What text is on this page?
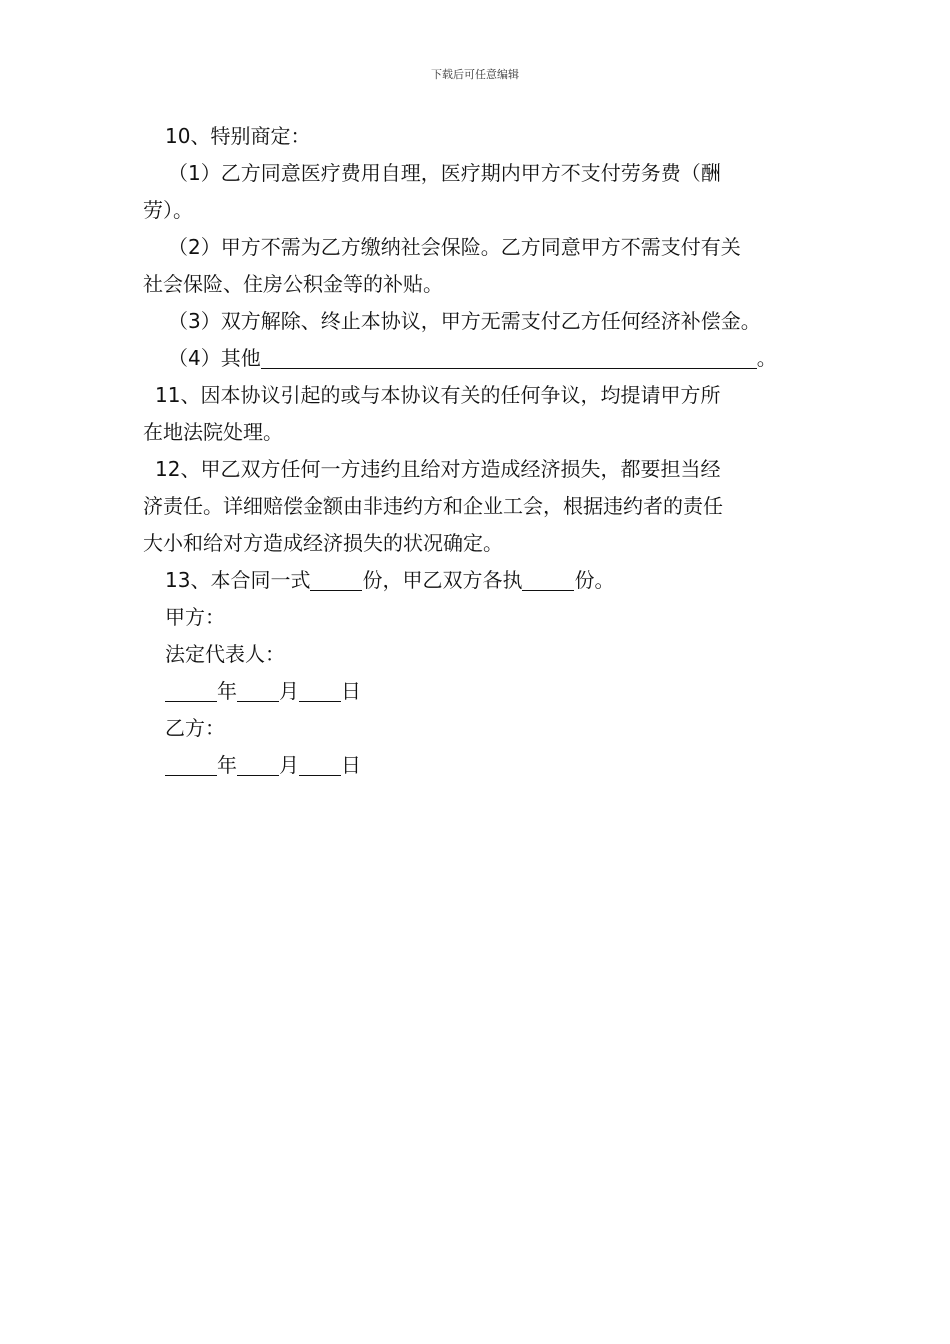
下载后可任意编辑
10、特别商定：
（1）乙方同意医疗费用自理，医疗期内甲方不支付劳务费（酬
劳）。
（2）甲方不需为乙方缴纳社会保险。乙方同意甲方不需支付有关
社会保险、住房公积金等的补贴。
（3）双方解除、终止本协议，甲方无需支付乙方任何经济补偿金。
（4）其他	。
11、因本协议引起的或与本协议有关的任何争议，均提请甲方所
在地法院处理。
12、甲乙双方任何一方违约且给对方造成经济损失，都要担当经
济责任。详细赔偿金额由非违约方和企业工会，根据违约者的责任
大小和给对方造成经济损失的状况确定。
13、本合同一式	份，甲乙双方各执	份。
甲方：
法定代表人：
年 月 日
乙方：
年 月 日
